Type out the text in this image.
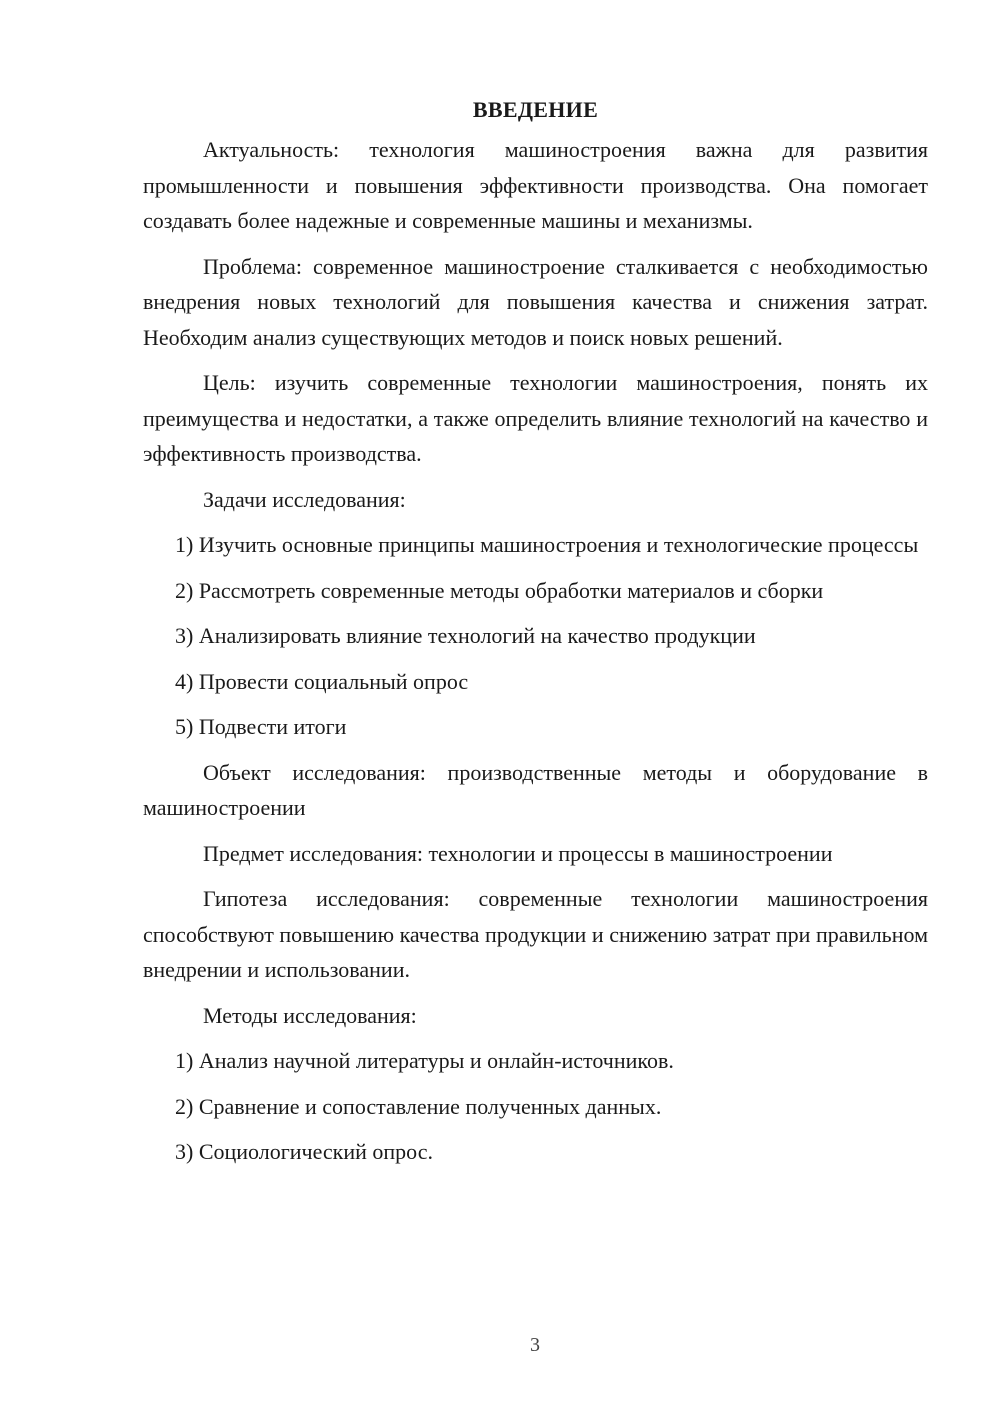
ВВЕДЕНИЕ

Актуальность: технология машиностроения важна для развития промышленности и повышения эффективности производства. Она помогает создавать более надежные и современные машины и механизмы.

Проблема: современное машиностроение сталкивается с необходимостью внедрения новых технологий для повышения качества и снижения затрат. Необходим анализ существующих методов и поиск новых решений.

Цель: изучить современные технологии машиностроения, понять их преимущества и недостатки, а также определить влияние технологий на качество и эффективность производства.

Задачи исследования:

1) Изучить основные принципы машиностроения и технологические процессы

2) Рассмотреть современные методы обработки материалов и сборки

3) Анализировать влияние технологий на качество продукции

4) Провести социальный опрос

5) Подвести итоги

Объект исследования: производственные методы и оборудование в машиностроении

Предмет исследования: технологии и процессы в машиностроении

Гипотеза исследования: современные технологии машиностроения способствуют повышению качества продукции и снижению затрат при правильном внедрении и использовании.

Методы исследования:

1) Анализ научной литературы и онлайн-источников.

2) Сравнение и сопоставление полученных данных.

3) Социологический опрос.

3
